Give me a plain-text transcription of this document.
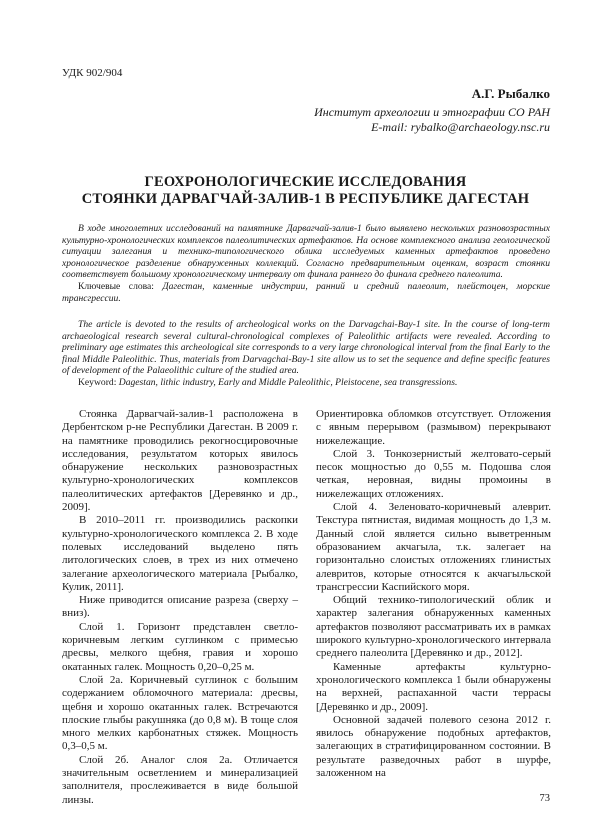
УДК 902/904
А.Г. Рыбалко
Институт археологии и этнографии СО РАН
E-mail: rybalko@archaeology.nsc.ru
ГЕОХРОНОЛОГИЧЕСКИЕ ИССЛЕДОВАНИЯ
СТОЯНКИ ДАРВАГЧАЙ-ЗАЛИВ-1 В РЕСПУБЛИКЕ ДАГЕСТАН

В ходе многолетних исследований на памятнике Дарвагчай-залив-1 было выявлено нескольких разновозрастных культурно-хронологических комплексов палеолитических артефактов. На основе комплексного анализа геологической ситуации залегания и технико-типологического облика исследуемых каменных артефактов проведено хронологическое разделение обнаруженных коллекций. Согласно предварительным оценкам, возраст стоянки соответствует большому хронологическому интервалу от финала раннего до финала среднего палеолита.

Ключевые слова: Дагестан, каменные индустрии, ранний и средний палеолит, плейстоцен, морские трансгрессии.

The article is devoted to the results of archeological works on the Darvagchai-Bay-1 site. In the course of long-term archaeological research several cultural-chronological complexes of Paleolithic artifacts were revealed. According to preliminary age estimates this archeological site corresponds to a very large chronological interval from the final Early to the final Middle Paleolithic. Thus, materials from Darvagchai-Bay-1 site allow us to set the sequence and define specific features of development of the Palaeolithic culture of the studied area.

Keyword: Dagestan, lithic industry, Early and Middle Paleolithic, Pleistocene, sea transgressions.

Стоянка Дарвагчай-залив-1 расположена в Дербентском р-не Республики Дагестан. В 2009 г. на памятнике проводились рекогносцировочные исследования, результатом которых явилось обнаружение нескольких разновозрастных культурно-хронологических комплексов палеолитических артефактов [Деревянко и др., 2009].

В 2010–2011 гг. производились раскопки культурно-хронологического комплекса 2. В ходе полевых исследований выделено пять литологических слоев, в трех из них отмечено залегание археологического материала [Рыбалко, Кулик, 2011].

Ниже приводится описание разреза (сверху – вниз).

Слой 1. Горизонт представлен светло-коричневым легким суглинком с примесью дресвы, мелкого щебня, гравия и хорошо окатанных галек. Мощность 0,20–0,25 м.

Слой 2а. Коричневый суглинок с большим содержанием обломочного материала: дресвы, щебня и хорошо окатанных галек. Встречаются плоские глыбы ракушняка (до 0,8 м). В тоще слоя много мелких карбонатных стяжек. Мощность 0,3–0,5 м.

Слой 2б. Аналог слоя 2а. Отличается значительным осветлением и минерализацией заполнителя, прослеживается в виде большой линзы.

Ориентировка обломков отсутствует. Отложения с явным перерывом (размывом) перекрывают нижележащие.

Слой 3. Тонкозернистый желтовато-серый песок мощностью до 0,55 м. Подошва слоя четкая, неровная, видны промоины в нижележащих отложениях.

Слой 4. Зеленовато-коричневый алеврит. Текстура пятнистая, видимая мощность до 1,3 м. Данный слой является сильно выветренным образованием акчагыла, т.к. залегает на горизонтально слоистых отложениях глинистых алевритов, которые относятся к акчагыльской трансгрессии Каспийского моря.

Общий технико-типологический облик и характер залегания обнаруженных каменных артефактов позволяют рассматривать их в рамках широкого культурно-хронологического интервала среднего палеолита [Деревянко и др., 2012].

Каменные артефакты культурно-хронологического комплекса 1 были обнаружены на верхней, распаханной части террасы [Деревянко и др., 2009].

Основной задачей полевого сезона 2012 г. явилось обнаружение подобных артефактов, залегающих в стратифицированном состоянии. В результате разведочных работ в шурфе, заложенном на

73
